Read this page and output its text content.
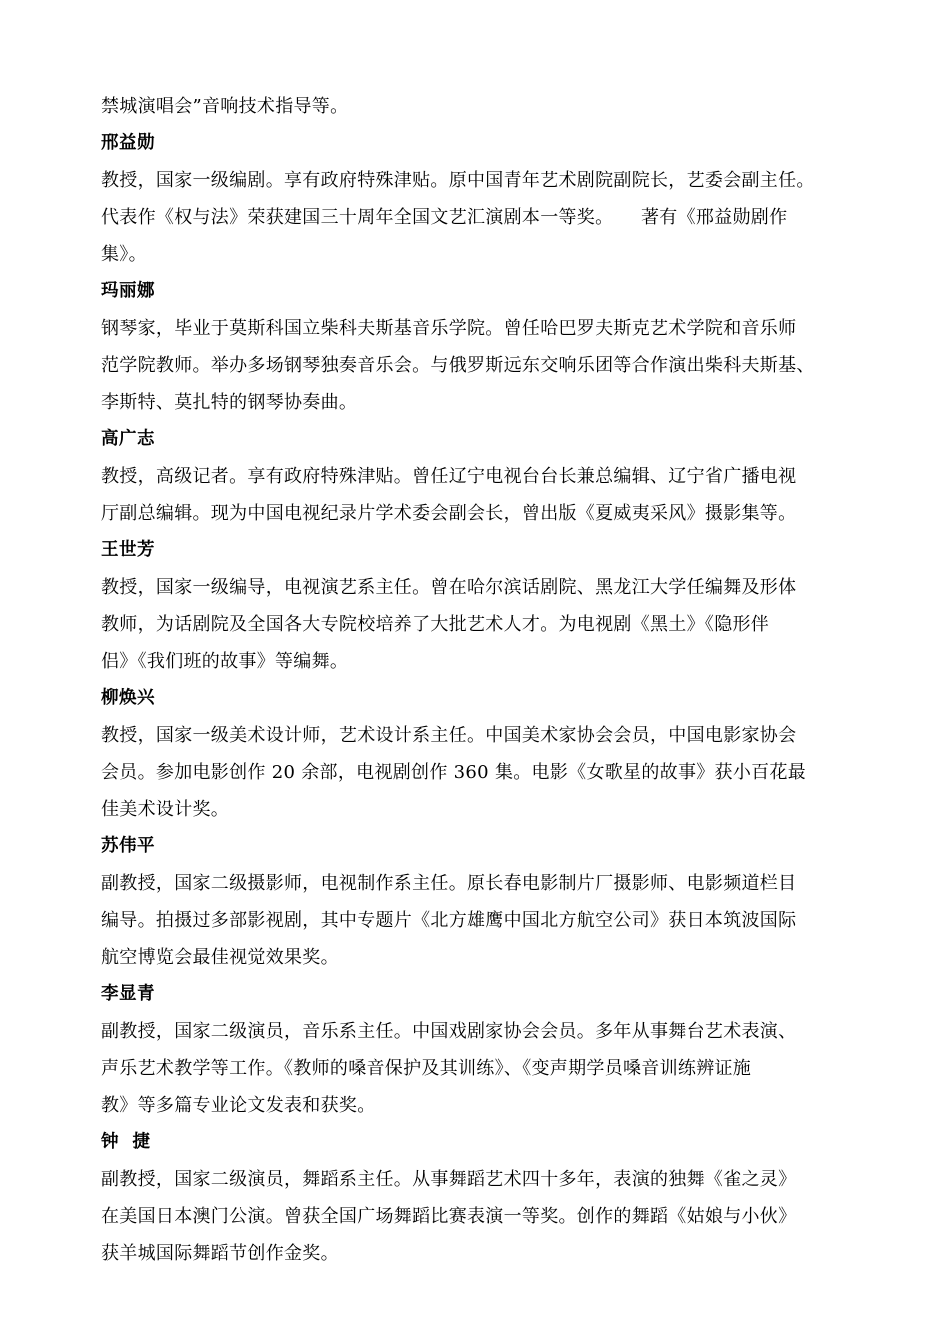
禁城演唱会”音响技术指导等。
邢益勋
教授，国家一级编剧。享有政府特殊津贴。原中国青年艺术剧院副院长，艺委会副主任。
代表作《权与法》荣获建国三十周年全国文艺汇演剧本一等奖。　　著有《邢益勋剧作
集》。
玛丽娜
钢琴家，毕业于莫斯科国立柴科夫斯基音乐学院。曾任哈巴罗夫斯克艺术学院和音乐师
范学院教师。举办多场钢琴独奏音乐会。与俄罗斯远东交响乐团等合作演出柴科夫斯基、
李斯特、莫扎特的钢琴协奏曲。
高广志
教授，高级记者。享有政府特殊津贴。曾任辽宁电视台台长兼总编辑、辽宁省广播电视
厅副总编辑。现为中国电视纪录片学术委会副会长，曾出版《夏威夷采风》摄影集等。
王世芳
教授，国家一级编导，电视演艺系主任。曾在哈尔滨话剧院、黑龙江大学任编舞及形体
教师，为话剧院及全国各大专院校培养了大批艺术人才。为电视剧《黑土》《隐形伴
侣》《我们班的故事》等编舞。
柳焕兴
教授，国家一级美术设计师，艺术设计系主任。中国美术家协会会员，中国电影家协会
会员。参加电影创作 20 余部，电视剧创作 360 集。电影《女歌星的故事》获小百花最
佳美术设计奖。
苏伟平
副教授，国家二级摄影师，电视制作系主任。原长春电影制片厂摄影师、电影频道栏目
编导。拍摄过多部影视剧，其中专题片《北方雄鹰中国北方航空公司》获日本筑波国际
航空博览会最佳视觉效果奖。
李显青
副教授，国家二级演员，音乐系主任。中国戏剧家协会会员。多年从事舞台艺术表演、
声乐艺术教学等工作。《教师的嗓音保护及其训练》、《变声期学员嗓音训练辨证施
教》等多篇专业论文发表和获奖。
钟捷
副教授，国家二级演员，舞蹈系主任。从事舞蹈艺术四十多年，表演的独舞《雀之灵》
在美国日本澳门公演。曾获全国广场舞蹈比赛表演一等奖。创作的舞蹈《姑娘与小伙》
获羊城国际舞蹈节创作金奖。
